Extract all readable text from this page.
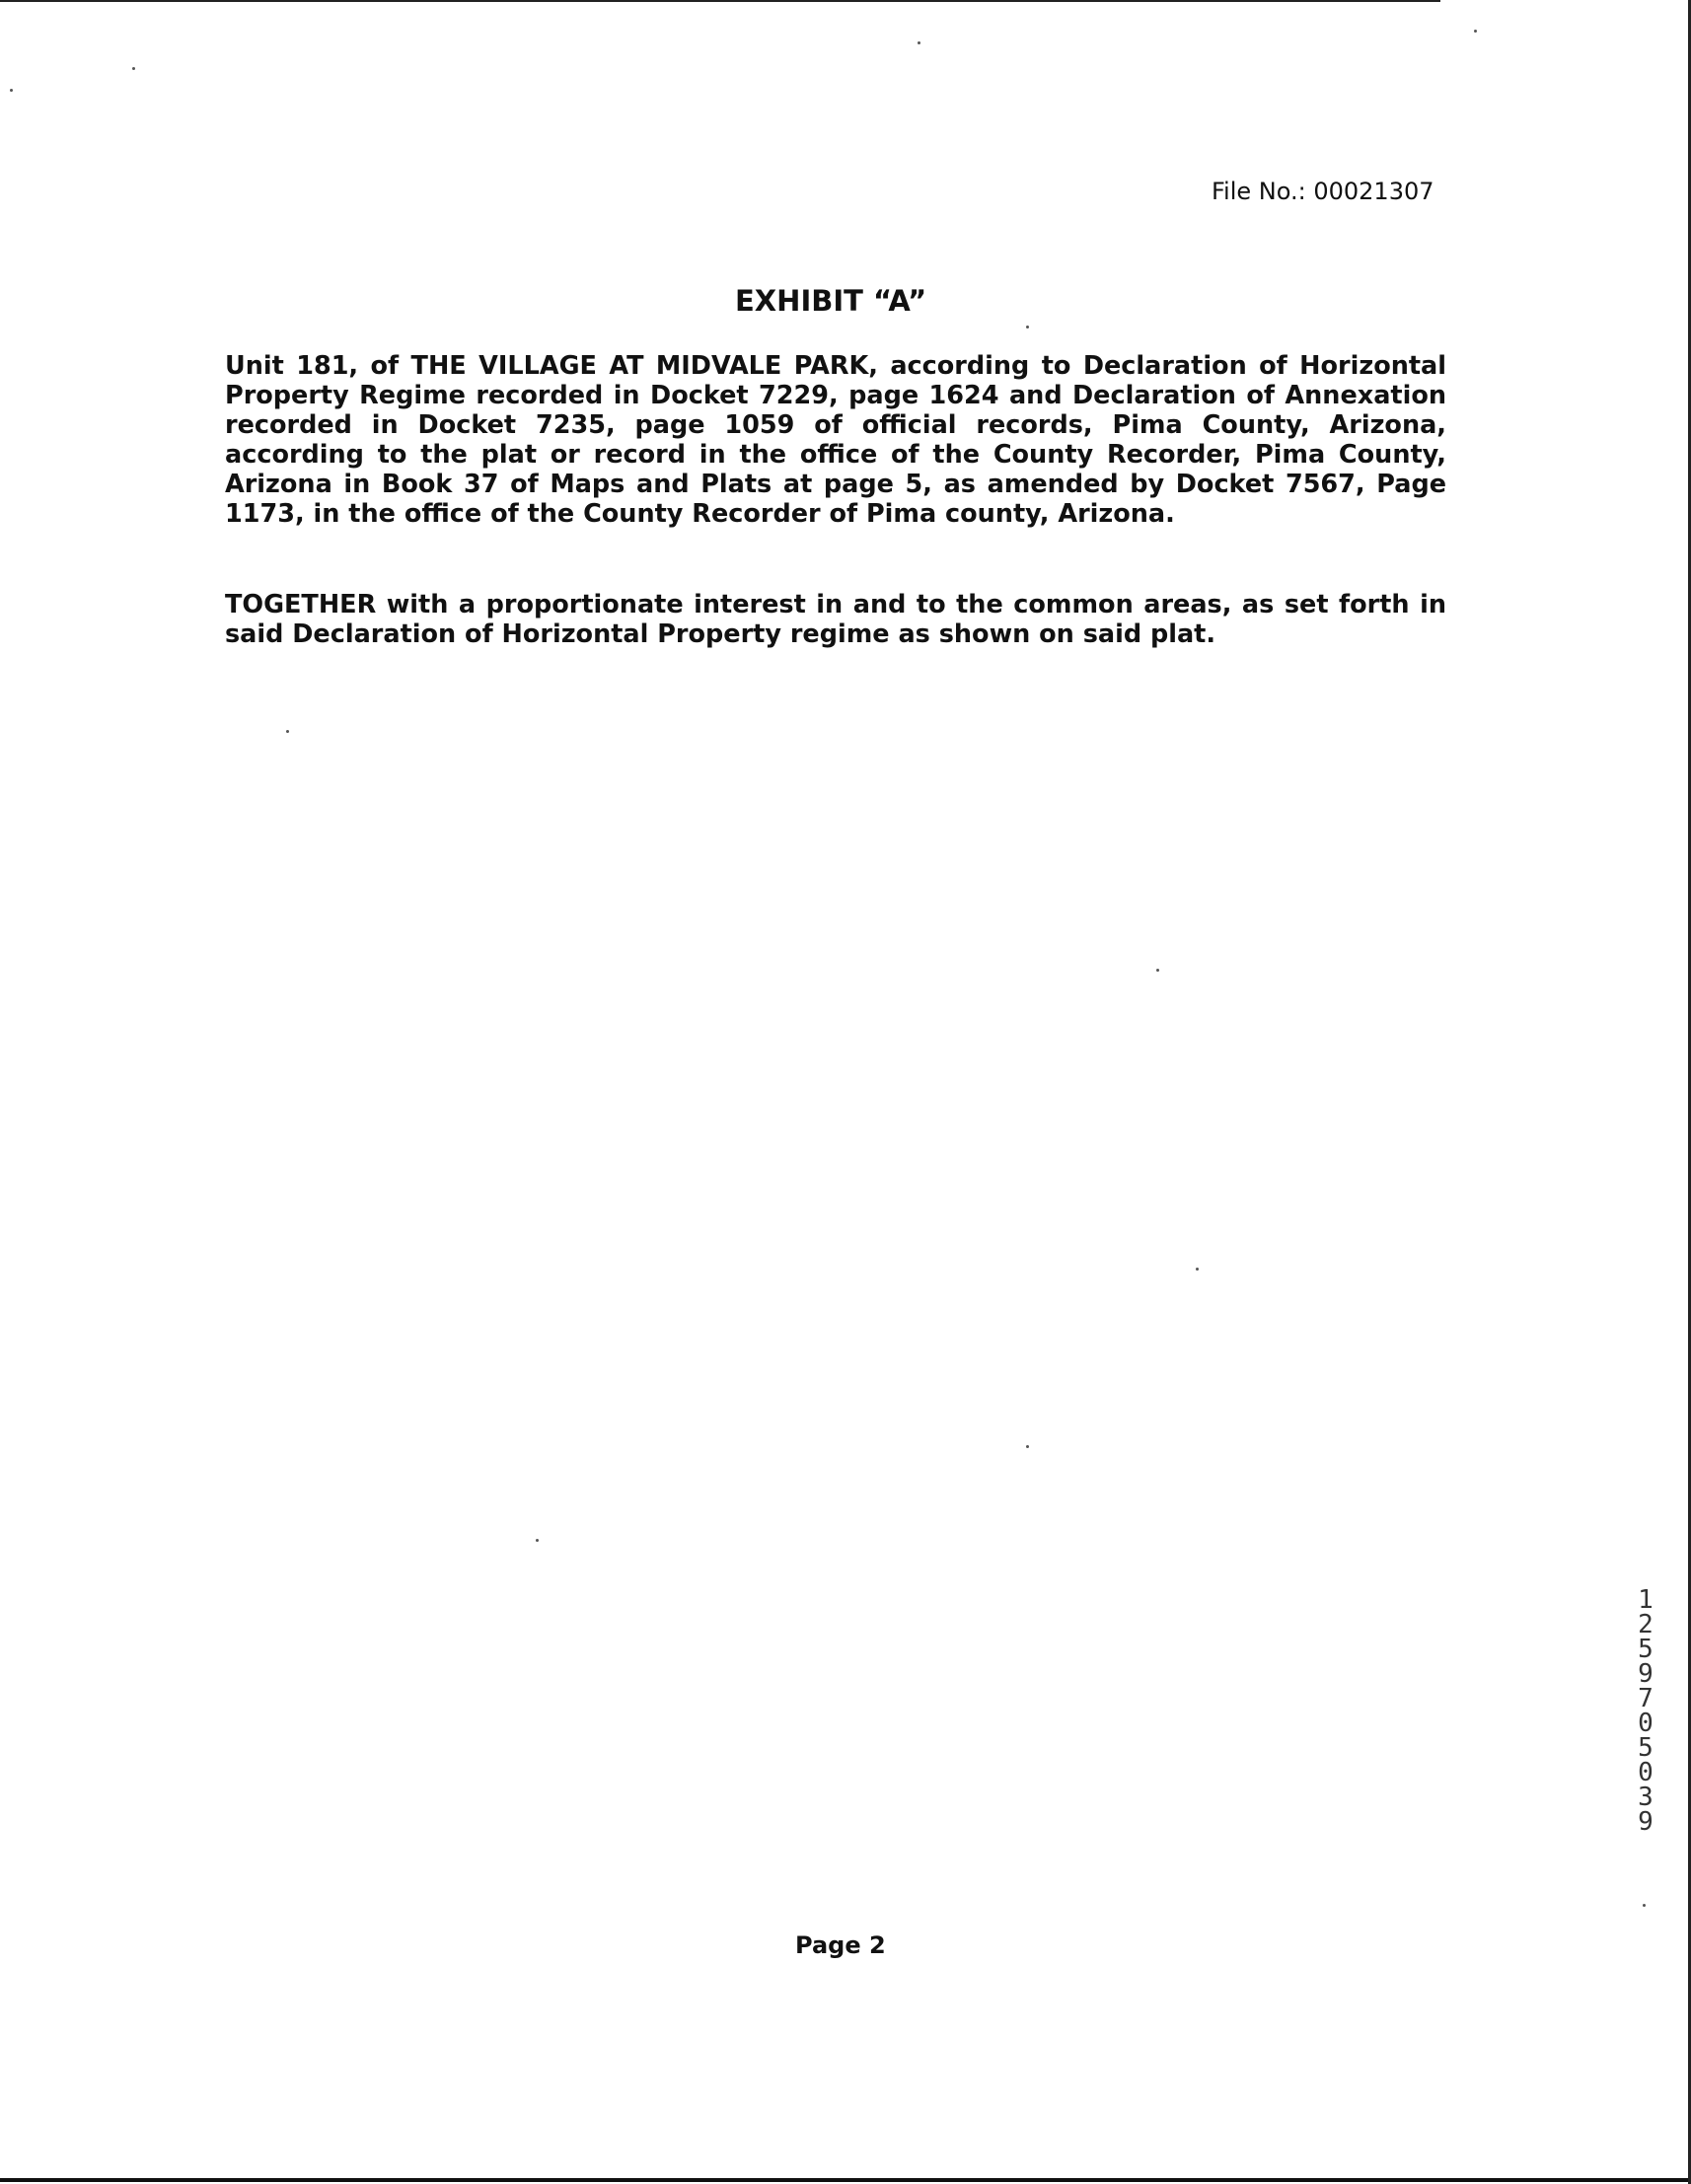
File No.: 00021307
EXHIBIT “A”

Unit 181, of THE VILLAGE AT MIDVALE PARK, according to Declaration of Horizontal Property Regime recorded in Docket 7229, page 1624 and Declaration of Annexation recorded in Docket 7235, page 1059 of official records, Pima County, Arizona, according to the plat or record in the office of the County Recorder, Pima County, Arizona in Book 37 of Maps and Plats at page 5, as amended by Docket 7567, Page 1173, in the office of the County Recorder of Pima county, Arizona.

TOGETHER with a proportionate interest in and to the common areas, as set forth in said Declaration of Horizontal Property regime as shown on said plat.

Page 2
12597 05039
